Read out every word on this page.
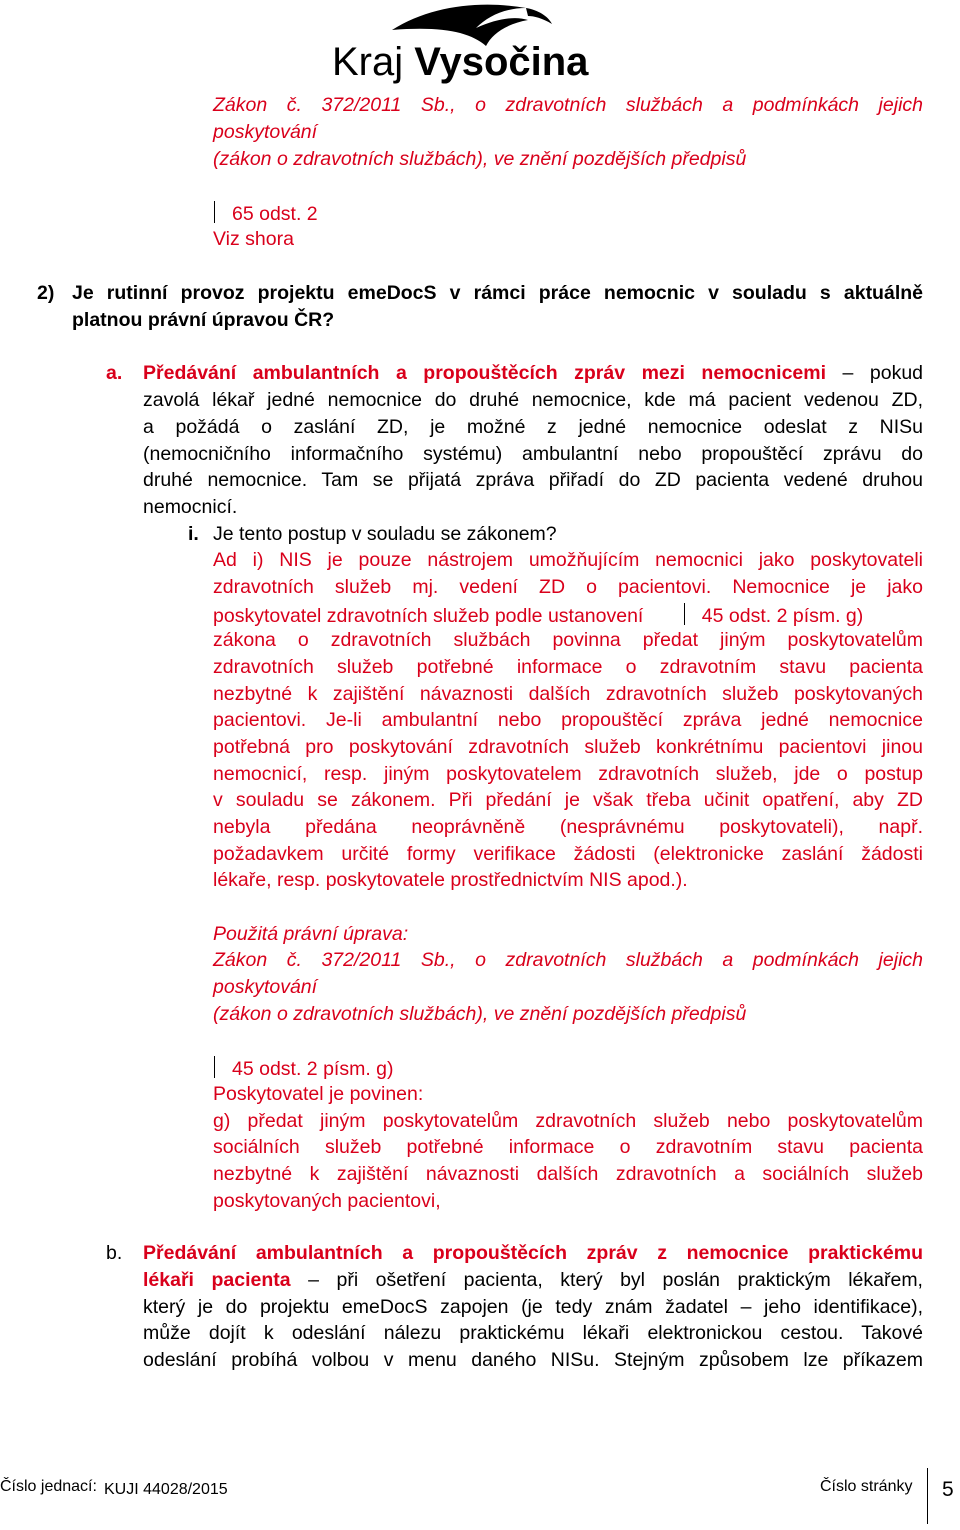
Kraj Vysočina
Zákon č. 372/2011 Sb., o zdravotních službách a podmínkách jejich
poskytování
(zákon o zdravotních službách), ve znění pozdějších předpisů
65 odst. 2
Viz shora
2) Je rutinní provoz projektu emeDocS v rámci práce nemocnic v souladu s aktuálně
platnou právní úpravou ČR?
a. Předávání ambulantních a propouštěcích zpráv mezi nemocnicemi – pokud
zavolá lékař jedné nemocnice do druhé nemocnice, kde má pacient vedenou ZD,
a požádá o zaslání ZD, je možné z jedné nemocnice odeslat z NISu
(nemocničního informačního systému) ambulantní nebo propouštěcí zprávu do
druhé nemocnice. Tam se přijatá zpráva přiřadí do ZD pacienta vedené druhou
nemocnicí.
i. Je tento postup v souladu se zákonem?
Ad i) NIS je pouze nástrojem umožňujícím nemocnici jako poskytovateli
zdravotních služeb mj. vedení ZD o pacientovi. Nemocnice je jako
poskytovatel zdravotních služeb podle ustanovení	45 odst. 2 písm. g)
zákona o zdravotních službách povinna předat jiným poskytovatelům
zdravotních služeb potřebné informace o zdravotním stavu pacienta
nezbytné k zajištění návaznosti dalších zdravotních služeb poskytovaných
pacientovi. Je-li ambulantní nebo propouštěcí zpráva jedné nemocnice
potřebná pro poskytování zdravotních služeb konkrétnímu pacientovi jinou
nemocnicí, resp. jiným poskytovatelem zdravotních služeb, jde o postup
v souladu se zákonem. Při předání je však třeba učinit opatření, aby ZD
nebyla předána neoprávněně (nesprávnému poskytovateli), např.
požadavkem určité formy verifikace žádosti (elektronicke zaslání žádosti
lékaře, resp. poskytovatele prostřednictvím NIS apod.).
Použitá právní úprava:
Zákon č. 372/2011 Sb., o zdravotních službách a podmínkách jejich
poskytování
(zákon o zdravotních službách), ve znění pozdějších předpisů
45 odst. 2 písm. g)
Poskytovatel je povinen:
g) předat jiným poskytovatelům zdravotních služeb nebo poskytovatelům
sociálních služeb potřebné informace o zdravotním stavu pacienta
nezbytné k zajištění návaznosti dalších zdravotních a sociálních služeb
poskytovaných pacientovi,
b. Předávání ambulantních a propouštěcích zpráv z nemocnice praktickému
lékaři pacienta – při ošetření pacienta, který byl poslán praktickým lékařem,
který je do projektu emeDocS zapojen (je tedy znám žadatel – jeho identifikace),
může dojít k odeslání nálezu praktickému lékaři elektronickou cestou. Takové
odeslání probíhá volbou v menu daného NISu. Stejným způsobem lze příkazem
Číslo jednací: KUJI 44028/2015	Číslo stránky 5
